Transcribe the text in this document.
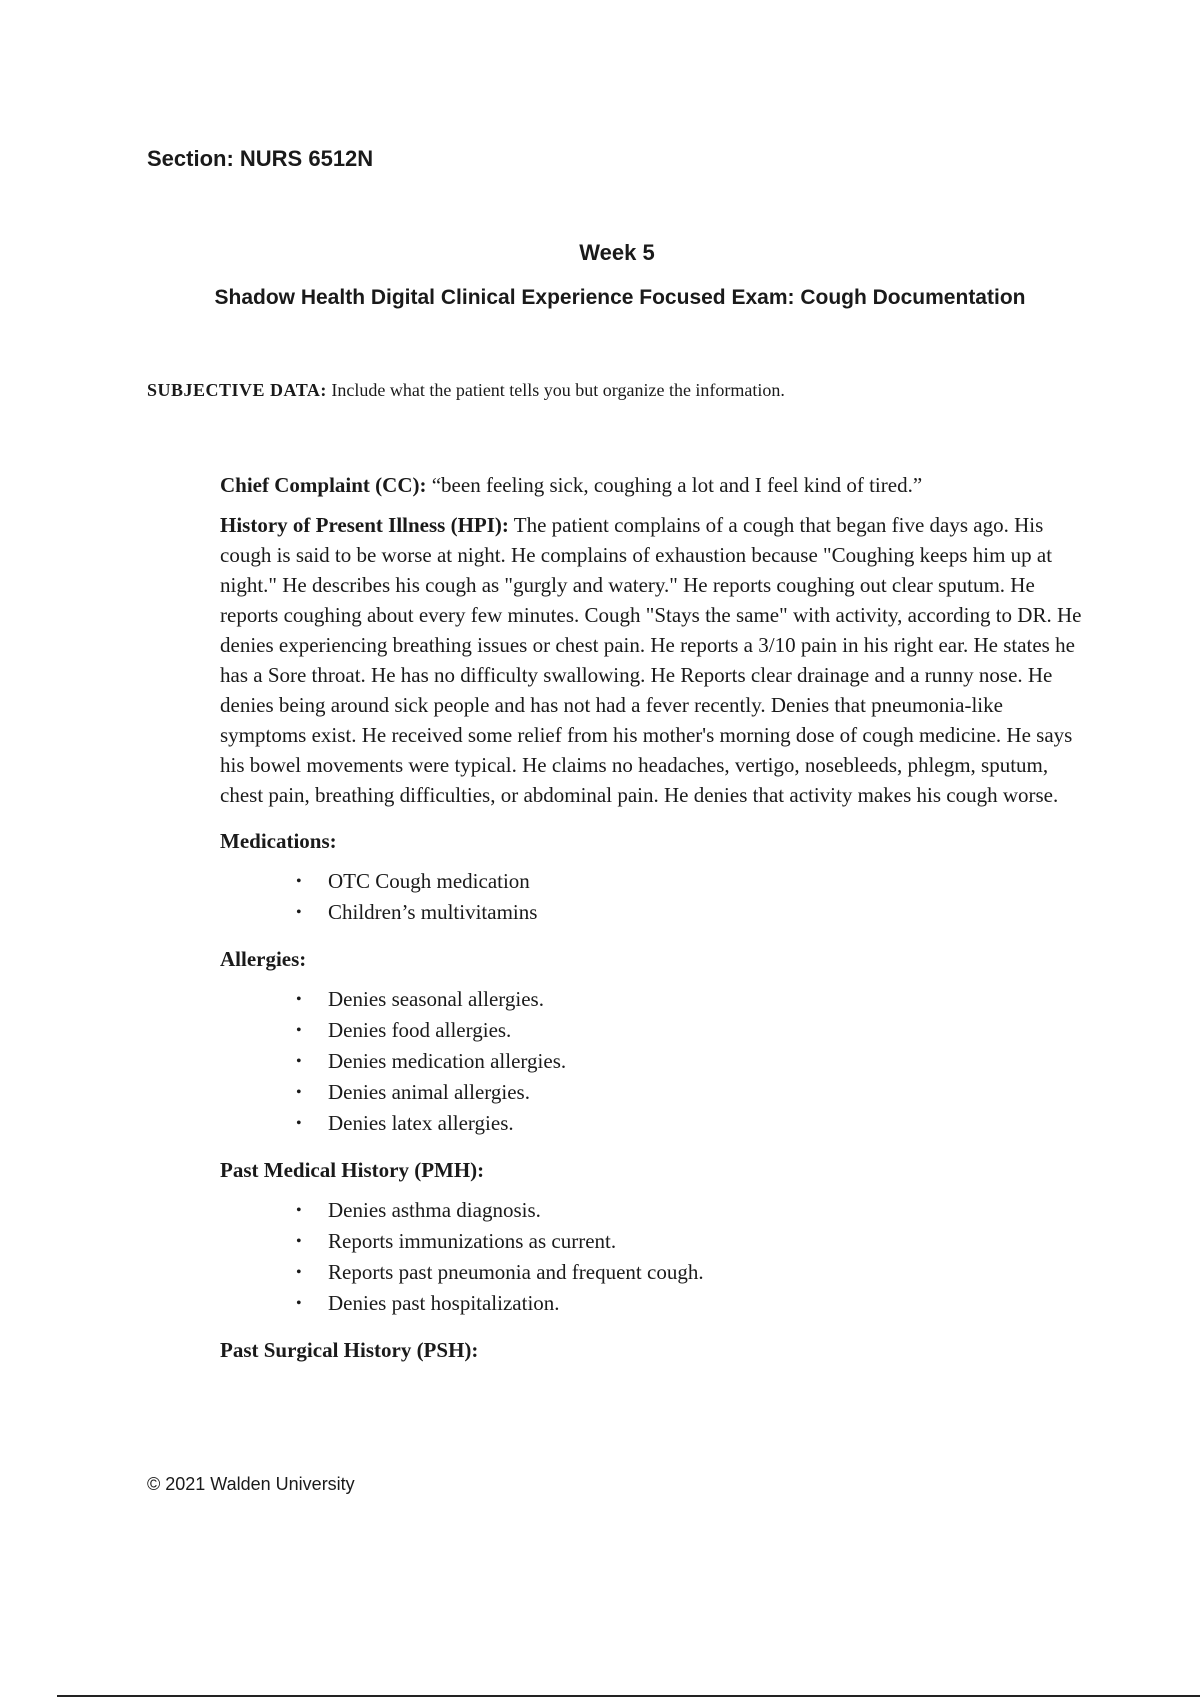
Section: NURS 6512N

Week 5

Shadow Health Digital Clinical Experience Focused Exam: Cough Documentation

SUBJECTIVE DATA: Include what the patient tells you but organize the information.

Chief Complaint (CC): “been feeling sick, coughing a lot and I feel kind of tired.”

History of Present Illness (HPI): The patient complains of a cough that began five days ago. His cough is said to be worse at night. He complains of exhaustion because "Coughing keeps him up at night." He describes his cough as "gurgly and watery." He reports coughing out clear sputum. He reports coughing about every few minutes. Cough "Stays the same" with activity, according to DR. He denies experiencing breathing issues or chest pain. He reports a 3/10 pain in his right ear. He states he has a Sore throat. He has no difficulty swallowing. He Reports clear drainage and a runny nose. He denies being around sick people and has not had a fever recently. Denies that pneumonia-like symptoms exist. He received some relief from his mother's morning dose of cough medicine. He says his bowel movements were typical. He claims no headaches, vertigo, nosebleeds, phlegm, sputum, chest pain, breathing difficulties, or abdominal pain. He denies that activity makes his cough worse.

Medications:

• OTC Cough medication
• Children’s multivitamins

Allergies:

• Denies seasonal allergies.
• Denies food allergies.
• Denies medication allergies.
• Denies animal allergies.
• Denies latex allergies.

Past Medical History (PMH):

• Denies asthma diagnosis.
• Reports immunizations as current.
• Reports past pneumonia and frequent cough.
• Denies past hospitalization.

Past Surgical History (PSH):

© 2021 Walden University
